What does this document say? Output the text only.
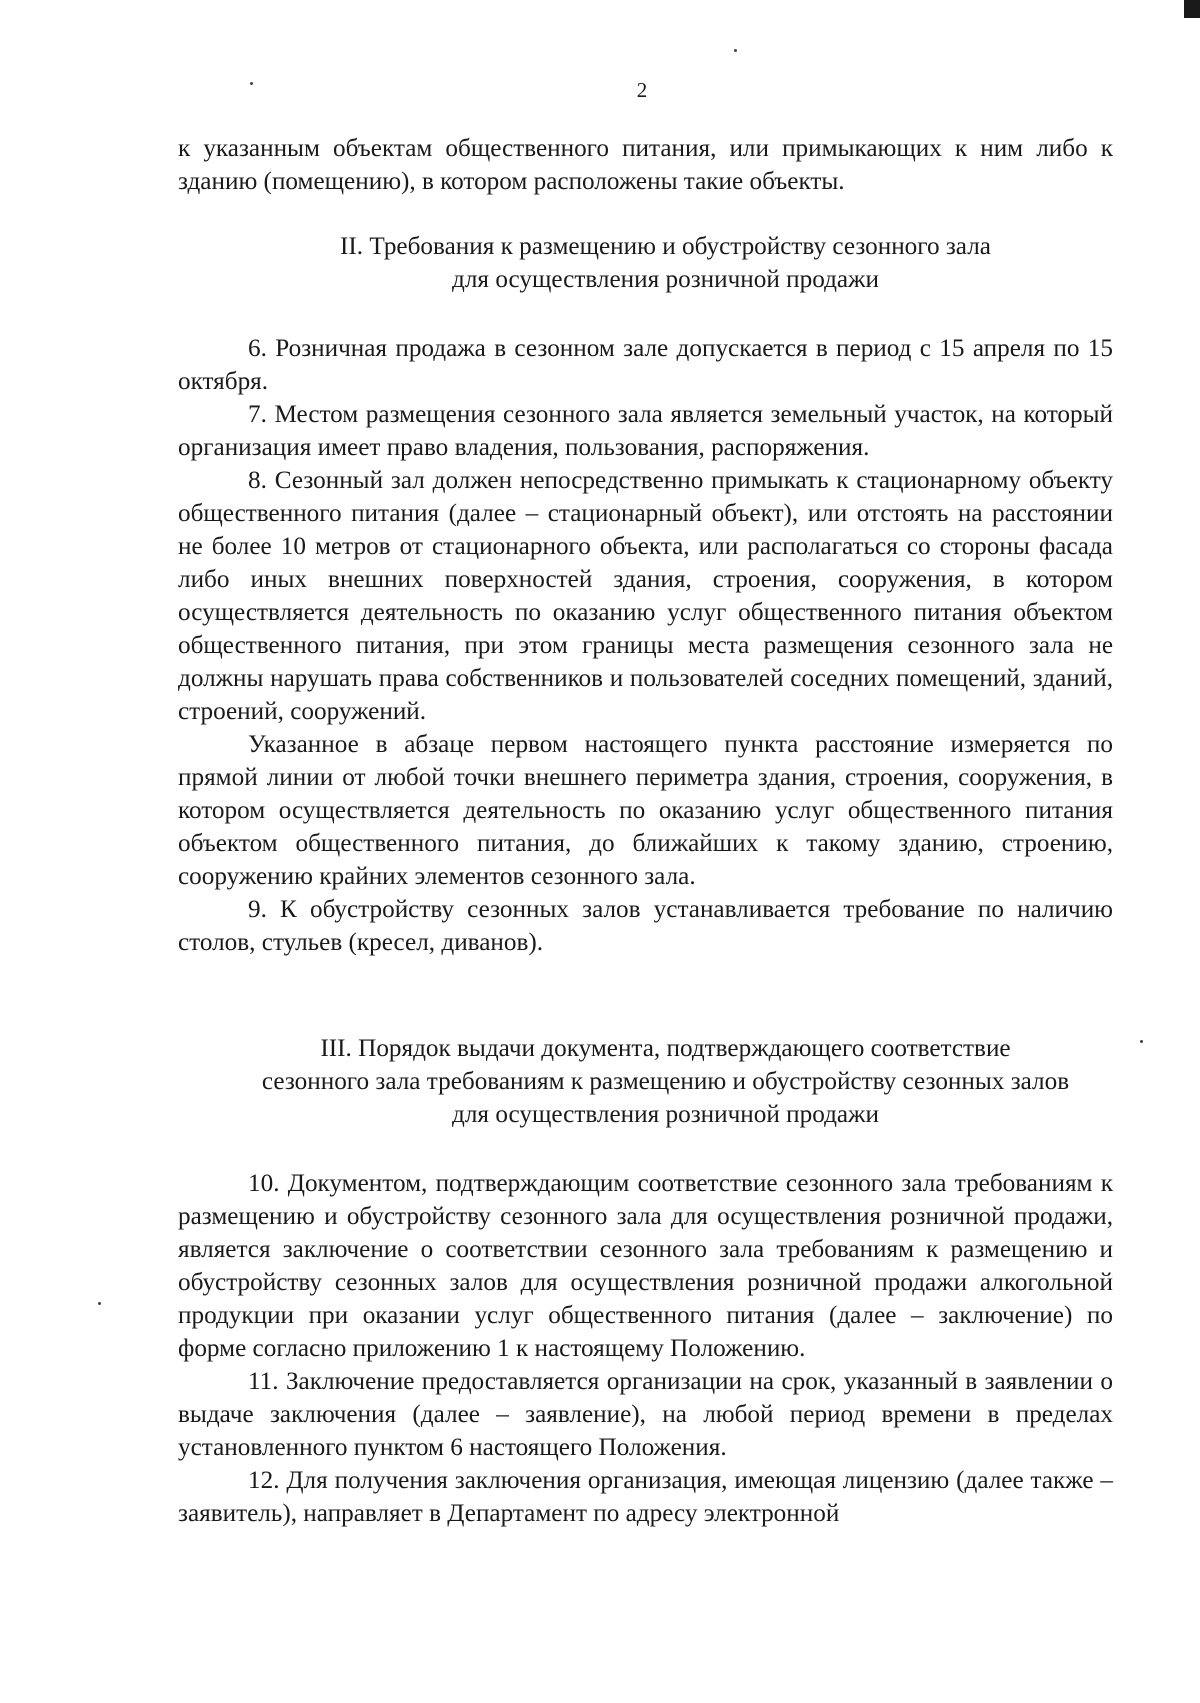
2

к указанным объектам общественного питания, или примыкающих к ним либо к зданию (помещению), в котором расположены такие объекты.

II. Требования к размещению и обустройству сезонного зала
для осуществления розничной продажи

6. Розничная продажа в сезонном зале допускается в период с 15 апреля по 15 октября.

7. Местом размещения сезонного зала является земельный участок, на который организация имеет право владения, пользования, распоряжения.

8. Сезонный зал должен непосредственно примыкать к стационарному объекту общественного питания (далее – стационарный объект), или отстоять на расстоянии не более 10 метров от стационарного объекта, или располагаться со стороны фасада либо иных внешних поверхностей здания, строения, сооружения, в котором осуществляется деятельность по оказанию услуг общественного питания объектом общественного питания, при этом границы места размещения сезонного зала не должны нарушать права собственников и пользователей соседних помещений, зданий, строений, сооружений.

Указанное в абзаце первом настоящего пункта расстояние измеряется по прямой линии от любой точки внешнего периметра здания, строения, сооружения, в котором осуществляется деятельность по оказанию услуг общественного питания объектом общественного питания, до ближайших к такому зданию, строению, сооружению крайних элементов сезонного зала.

9. К обустройству сезонных залов устанавливается требование по наличию столов, стульев (кресел, диванов).

III. Порядок выдачи документа, подтверждающего соответствие
сезонного зала требованиям к размещению и обустройству сезонных залов
для осуществления розничной продажи

10. Документом, подтверждающим соответствие сезонного зала требованиям к размещению и обустройству сезонного зала для осуществления розничной продажи, является заключение о соответствии сезонного зала требованиям к размещению и обустройству сезонных залов для осуществления розничной продажи алкогольной продукции при оказании услуг общественного питания (далее – заключение) по форме согласно приложению 1 к настоящему Положению.

11. Заключение предоставляется организации на срок, указанный в заявлении о выдаче заключения (далее – заявление), на любой период времени в пределах установленного пунктом 6 настоящего Положения.

12. Для получения заключения организация, имеющая лицензию (далее также – заявитель), направляет в Департамент по адресу электронной
